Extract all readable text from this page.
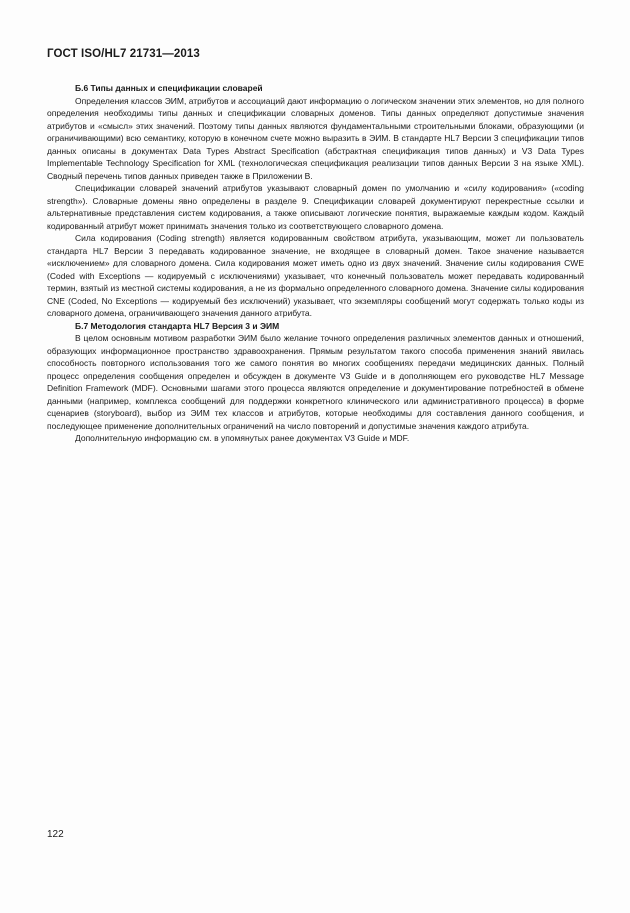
ГОСТ ISO/HL7 21731—2013

Б.6 Типы данных и спецификации словарей

Определения классов ЭИМ, атрибутов и ассоциаций дают информацию о логическом значении этих элементов, но для полного определения необходимы типы данных и спецификации словарных доменов. Типы данных определяют допустимые значения атрибутов и «смысл» этих значений. Поэтому типы данных являются фундаментальными строительными блоками, образующими (и ограничивающими) всю семантику, которую в конечном счете можно выразить в ЭИМ. В стандарте HL7 Версии 3 спецификации типов данных описаны в документах Data Types Abstract Specification (абстрактная спецификация типов данных) и V3 Data Types Implementable Technology Specification for XML (технологическая спецификация реализации типов данных Версии 3 на языке XML). Сводный перечень типов данных приведен также в Приложении В.

Спецификации словарей значений атрибутов указывают словарный домен по умолчанию и «силу кодирования» («coding strength»). Словарные домены явно определены в разделе 9. Спецификации словарей документируют перекрестные ссылки и альтернативные представления систем кодирования, а также описывают логические понятия, выражаемые каждым кодом. Каждый кодированный атрибут может принимать значения только из соответствующего словарного домена.

Сила кодирования (Coding strength) является кодированным свойством атрибута, указывающим, может ли пользователь стандарта HL7 Версии 3 передавать кодированное значение, не входящее в словарный домен. Такое значение называется «исключением» для словарного домена. Сила кодирования может иметь одно из двух значений. Значение силы кодирования CWE (Coded with Exceptions — кодируемый с исключениями) указывает, что конечный пользователь может передавать кодированный термин, взятый из местной системы кодирования, а не из формально определенного словарного домена. Значение силы кодирования CNE (Coded, No Exceptions — кодируемый без исключений) указывает, что экземпляры сообщений могут содержать только коды из словарного домена, ограничивающего значения данного атрибута.

Б.7 Методология стандарта HL7 Версия 3 и ЭИМ

В целом основным мотивом разработки ЭИМ было желание точного определения различных элементов данных и отношений, образующих информационное пространство здравоохранения. Прямым результатом такого способа применения знаний явилась способность повторного использования того же самого понятия во многих сообщениях передачи медицинских данных. Полный процесс определения сообщения определен и обсужден в документе V3 Guide и в дополняющем его руководстве HL7 Message Definition Framework (MDF). Основными шагами этого процесса являются определение и документирование потребностей в обмене данными (например, комплекса сообщений для поддержки конкретного клинического или административного процесса) в форме сценариев (storyboard), выбор из ЭИМ тех классов и атрибутов, которые необходимы для составления данного сообщения, и последующее применение дополнительных ограничений на число повторений и допустимые значения каждого атрибута.

Дополнительную информацию см. в упомянутых ранее документах V3 Guide и MDF.

122
